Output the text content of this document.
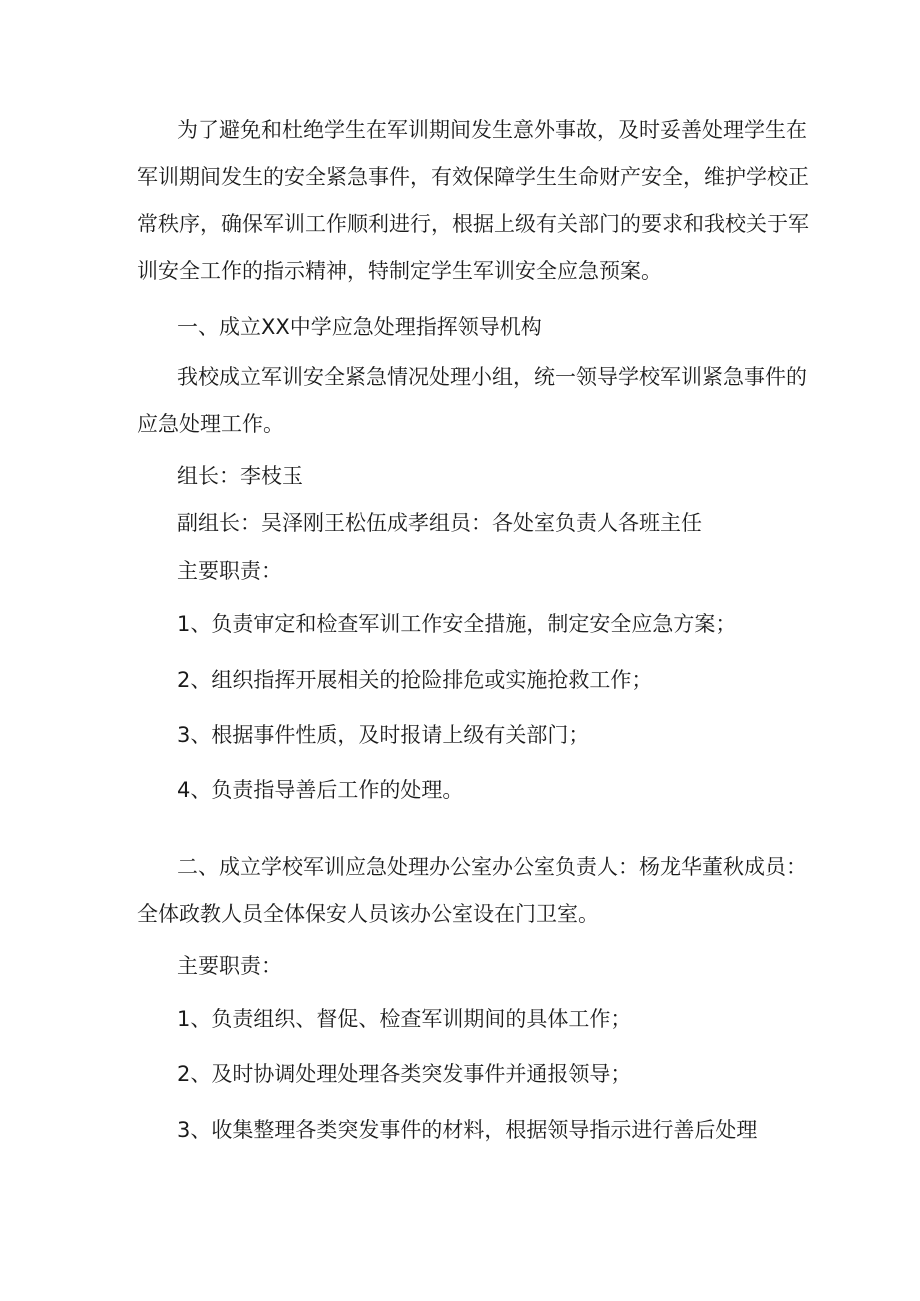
为了避免和杜绝学生在军训期间发生意外事故，及时妥善处理学生在

军训期间发生的安全紧急事件，有效保障学生生命财产安全，维护学校正

常秩序，确保军训工作顺利进行，根据上级有关部门的要求和我校关于军

训安全工作的指示精神，特制定学生军训安全应急预案。

一、成立XX中学应急处理指挥领导机构

我校成立军训安全紧急情况处理小组，统一领导学校军训紧急事件的

应急处理工作。

组长：李枝玉

副组长：吴泽刚王松伍成孝组员：各处室负责人各班主任

主要职责：

1、负责审定和检查军训工作安全措施，制定安全应急方案；

2、组织指挥开展相关的抢险排危或实施抢救工作；

3、根据事件性质，及时报请上级有关部门；

4、负责指导善后工作的处理。

二、成立学校军训应急处理办公室办公室负责人：杨龙华董秋成员：

全体政教人员全体保安人员该办公室设在门卫室。

主要职责：

1、负责组织、督促、检查军训期间的具体工作；

2、及时协调处理处理各类突发事件并通报领导；

3、收集整理各类突发事件的材料，根据领导指示进行善后处理
